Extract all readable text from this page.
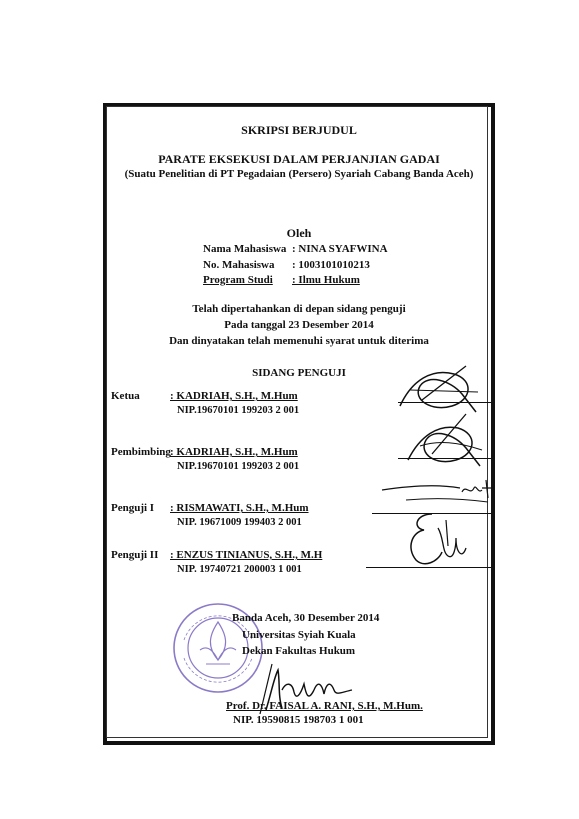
SKRIPSI BERJUDUL
PARATE EKSEKUSI DALAM PERJANJIAN GADAI
(Suatu Penelitian di PT Pegadaian (Persero) Syariah Cabang Banda Aceh)
Oleh
Nama Mahasiswa : NINA SYAFWINA
No. Mahasiswa : 1003101010213
Program Studi : Ilmu Hukum
Telah dipertahankan di depan sidang penguji
Pada tanggal 23 Desember 2014
Dan dinyatakan telah memenuhi syarat untuk diterima
SIDANG PENGUJI
Ketua	: KADRIAH, S.H., M.Hum
NIP.19670101 199203 2 001
Pembimbing : KADRIAH, S.H., M.Hum
NIP.19670101 199203 2 001
Penguji I : RISMAWATI, S.H., M.Hum
NIP. 19671009 199403 2 001
Penguji II : ENZUS TINIANUS, S.H., M.H
NIP. 19740721 200003 1 001
Banda Aceh, 30 Desember 2014
Universitas Syiah Kuala
Dekan Fakultas Hukum
Prof. Dr. FAISAL A. RANI, S.H., M.Hum.
NIP. 19590815 198703 1 001
